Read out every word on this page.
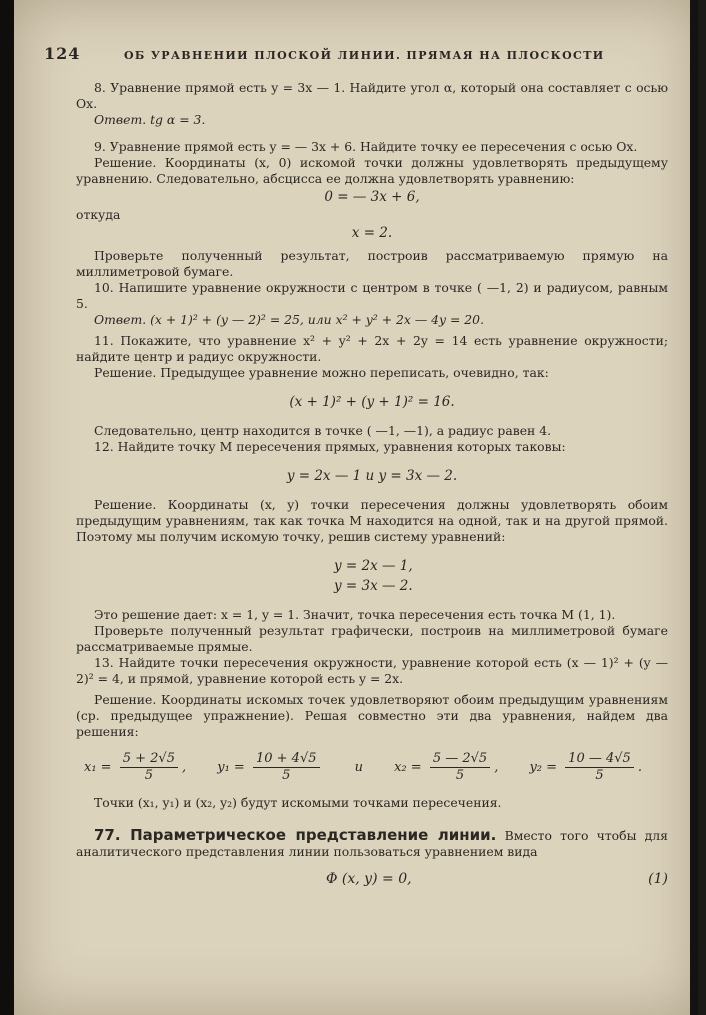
124	ОБ УРАВНЕНИИ ПЛОСКОЙ ЛИНИИ. ПРЯМАЯ НА ПЛОСКОСТИ

8. Уравнение прямой есть y = 3x — 1. Найдите угол α, который она составляет с осью Ox.

Ответ. tg α = 3.

9. Уравнение прямой есть y = — 3x + 6. Найдите точку ее пересечения с осью Ox.

Решение. Координаты (x, 0) искомой точки должны удовлетворять предыдущему уравнению. Следовательно, абсцисса ее должна удовлетворять уравнению:

0 = — 3x + 6,

откуда

x = 2.

Проверьте полученный результат, построив рассматриваемую прямую на миллиметровой бумаге.

10. Напишите уравнение окружности с центром в точке ( —1, 2) и радиусом, равным 5.

Ответ. (x + 1)² + (y — 2)² = 25, или x² + y² + 2x — 4y = 20.

11. Покажите, что уравнение x² + y² + 2x + 2y = 14 есть уравнение окружности; найдите центр и радиус окружности.

Решение. Предыдущее уравнение можно переписать, очевидно, так:

(x + 1)² + (y + 1)² = 16.

Следовательно, центр находится в точке ( —1, —1), а радиус равен 4.

12. Найдите точку M пересечения прямых, уравнения которых таковы:

y = 2x — 1 и y = 3x — 2.

Решение. Координаты (x, y) точки пересечения должны удовлетворять обоим предыдущим уравнениям, так как точка M находится на одной, так и на другой прямой. Поэтому мы получим искомую точку, решив систему уравнений:

y = 2x — 1,

y = 3x — 2.

Это решение дает: x = 1, y = 1. Значит, точка пересечения есть точка M (1, 1).

Проверьте полученный результат графически, построив на миллиметровой бумаге рассматриваемые прямые.

13. Найдите точки пересечения окружности, уравнение которой есть (x — 1)² + (y — 2)² = 4, и прямой, уравнение которой есть y = 2x.

Решение. Координаты искомых точек удовлетворяют обоим предыдущим уравнениям (ср. предыдущее упражнение). Решая совместно эти два уравнения, найдем два решения:

$x_1 = \frac{5 + 2√5}{5}$ , $y_1 = \frac{10 + 4√5}{5}$	и $x_2 = \frac{5 — 2√5}{5}$ , $y_2 = \frac{10 — 4√5}{5}$ .

Точки (x₁, y₁) и (x₂, y₂) будут искомыми точками пересечения.

77. Параметрическое представление линии. Вместо того чтобы для аналитического представления линии пользоваться уравнением вида

Φ (x, y) = 0,	(1)
